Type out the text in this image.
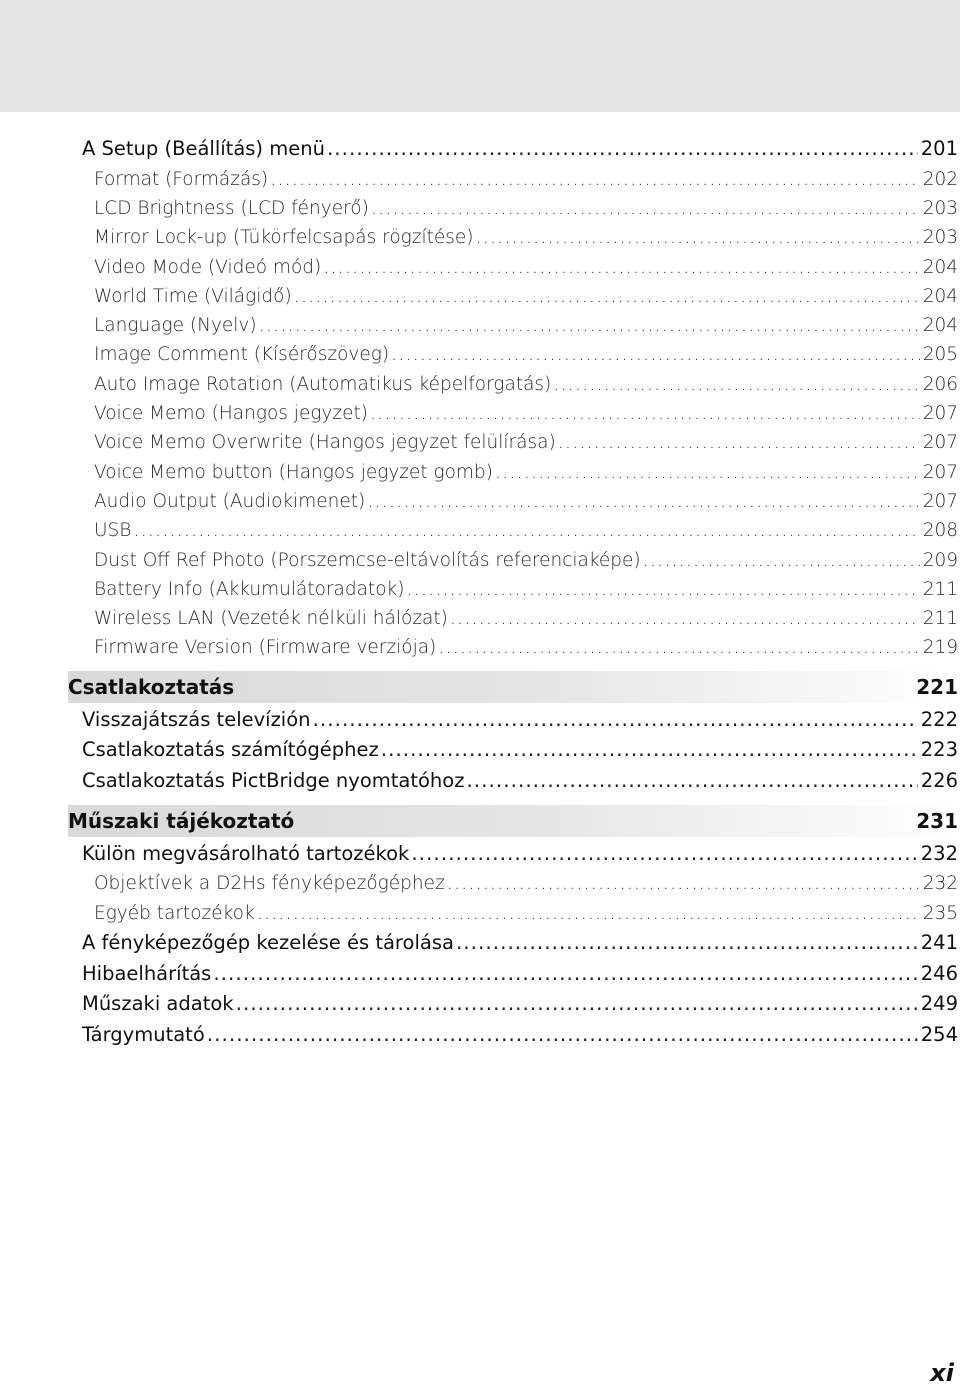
A Setup (Beállítás) menü .....	201
Format (Formázás) .....	202
LCD Brightness (LCD fényerő) .....	203
Mirror Lock-up (Tükörfelcsapás rögzítése) .....	203
Video Mode (Videó mód) .....	204
World Time (Világidő) .....	204
Language (Nyelv) .....	204
Image Comment (Kísérőszöveg) .....	205
Auto Image Rotation (Automatikus képelforgatás) .....	206
Voice Memo (Hangos jegyzet) .....	207
Voice Memo Overwrite (Hangos jegyzet felülírása) .....	207
Voice Memo button (Hangos jegyzet gomb) .....	207
Audio Output (Audiokimenet) .....	207
USB .....	208
Dust Off Ref Photo (Porszemcse-eltávolítás referenciaképe) .....	209
Battery Info (Akkumulátoradatok) .....	211
Wireless LAN (Vezeték nélküli hálózat) .....	211
Firmware Version (Firmware verziója) .....	219
Csatlakoztatás	221
Visszajátszás televízión .....	222
Csatlakoztatás számítógéphez .....	223
Csatlakoztatás PictBridge nyomtatóhoz .....	226
Műszaki tájékoztató	231
Külön megvásárolható tartozékok .....	232
Objektívek a D2Hs fényképezőgéphez .....	232
Egyéb tartozékok .....	235
A fényképezőgép kezelése és tárolása .....	241
Hibaelhárítás .....	246
Műszaki adatok .....	249
Tárgymutató .....	254
xi
